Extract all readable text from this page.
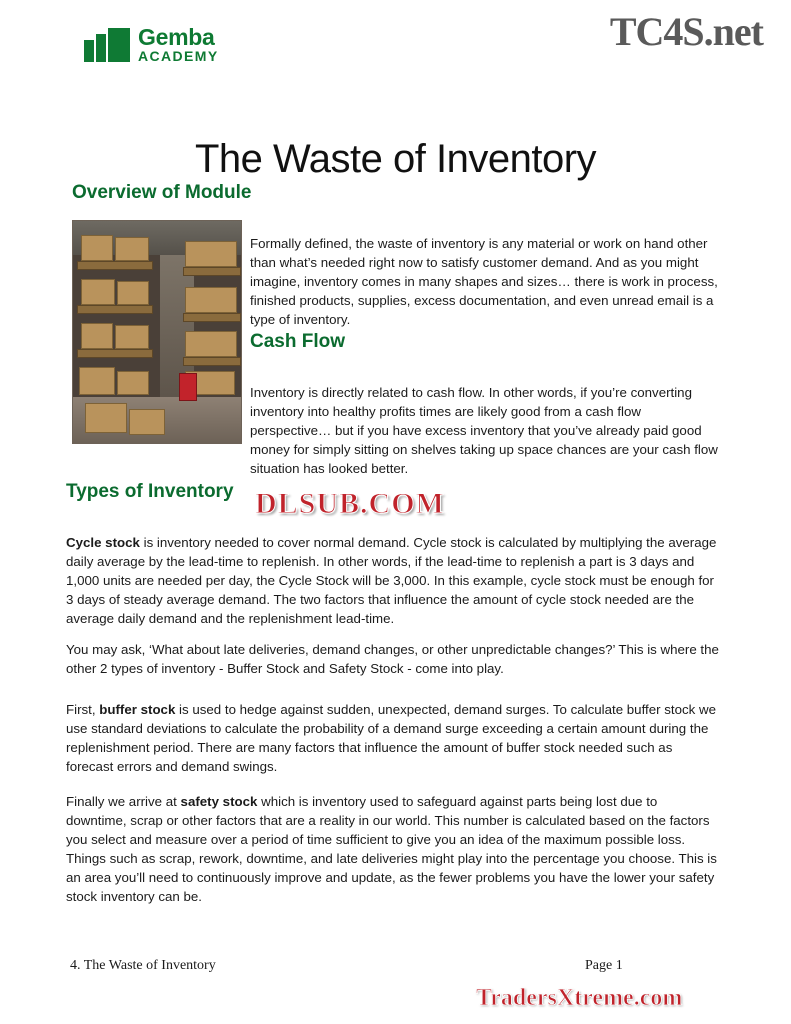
Gemba
ACADEMY
TC4S.net
The Waste of Inventory
Overview of Module

Formally defined, the waste of inventory is any material or work on hand other than what’s needed right now to satisfy customer demand. And as you might imagine, inventory comes in many shapes and sizes… there is work in process, finished products, supplies, excess documentation, and even unread email is a type of inventory.

Cash Flow

Inventory is directly related to cash flow. In other words, if you’re converting inventory into healthy profits times are likely good from a cash flow perspective… but if you have excess inventory that you’ve already paid good money for simply sitting on shelves taking up space chances are your cash flow situation has looked better.

Types of Inventory DLSUB.COM

Cycle stock is inventory needed to cover normal demand. Cycle stock is calculated by multiplying the average daily average by the lead-time to replenish. In other words, if the lead-time to replenish a part is 3 days and 1,000 units are needed per day, the Cycle Stock will be 3,000. In this example, cycle stock must be enough for 3 days of steady average demand. The two factors that influence the amount of cycle stock needed are the average daily demand and the replenishment lead-time.

You may ask, ‘What about late deliveries, demand changes, or other unpredictable changes?’ This is where the other 2 types of inventory - Buffer Stock and Safety Stock - come into play.

First, buffer stock is used to hedge against sudden, unexpected, demand surges. To calculate buffer stock we use standard deviations to calculate the probability of a demand surge exceeding a certain amount during the replenishment period. There are many factors that influence the amount of buffer stock needed such as forecast errors and demand swings.

Finally we arrive at safety stock which is inventory used to safeguard against parts being lost due to downtime, scrap or other factors that are a reality in our world. This number is calculated based on the factors you select and measure over a period of time sufficient to give you an idea of the maximum possible loss. Things such as scrap, rework, downtime, and late deliveries might play into the percentage you choose. This is an area you’ll need to continuously improve and update, as the fewer problems you have the lower your safety stock inventory can be.

4. The Waste of Inventory	Page 1
TradersXtreme.com
